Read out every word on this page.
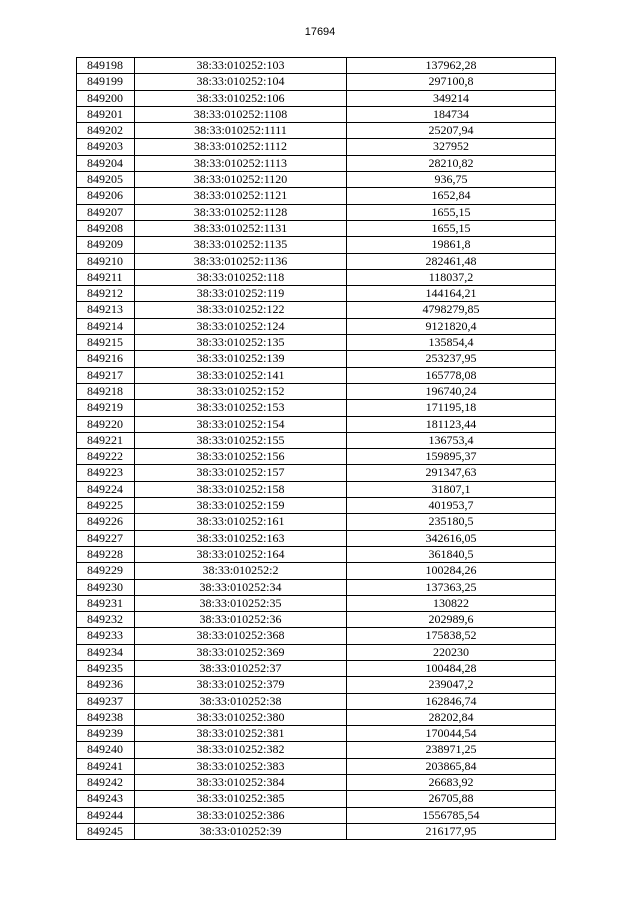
17694
849198	38:33:010252:103	137962,28
849199	38:33:010252:104	297100,8
849200	38:33:010252:106	349214
849201	38:33:010252:1108	184734
849202	38:33:010252:1111	25207,94
849203	38:33:010252:1112	327952
849204	38:33:010252:1113	28210,82
849205	38:33:010252:1120	936,75
849206	38:33:010252:1121	1652,84
849207	38:33:010252:1128	1655,15
849208	38:33:010252:1131	1655,15
849209	38:33:010252:1135	19861,8
849210	38:33:010252:1136	282461,48
849211	38:33:010252:118	118037,2
849212	38:33:010252:119	144164,21
849213	38:33:010252:122	4798279,85
849214	38:33:010252:124	9121820,4
849215	38:33:010252:135	135854,4
849216	38:33:010252:139	253237,95
849217	38:33:010252:141	165778,08
849218	38:33:010252:152	196740,24
849219	38:33:010252:153	171195,18
849220	38:33:010252:154	181123,44
849221	38:33:010252:155	136753,4
849222	38:33:010252:156	159895,37
849223	38:33:010252:157	291347,63
849224	38:33:010252:158	31807,1
849225	38:33:010252:159	401953,7
849226	38:33:010252:161	235180,5
849227	38:33:010252:163	342616,05
849228	38:33:010252:164	361840,5
849229	38:33:010252:2	100284,26
849230	38:33:010252:34	137363,25
849231	38:33:010252:35	130822
849232	38:33:010252:36	202989,6
849233	38:33:010252:368	175838,52
849234	38:33:010252:369	220230
849235	38:33:010252:37	100484,28
849236	38:33:010252:379	239047,2
849237	38:33:010252:38	162846,74
849238	38:33:010252:380	28202,84
849239	38:33:010252:381	170044,54
849240	38:33:010252:382	238971,25
849241	38:33:010252:383	203865,84
849242	38:33:010252:384	26683,92
849243	38:33:010252:385	26705,88
849244	38:33:010252:386	1556785,54
849245	38:33:010252:39	216177,95
